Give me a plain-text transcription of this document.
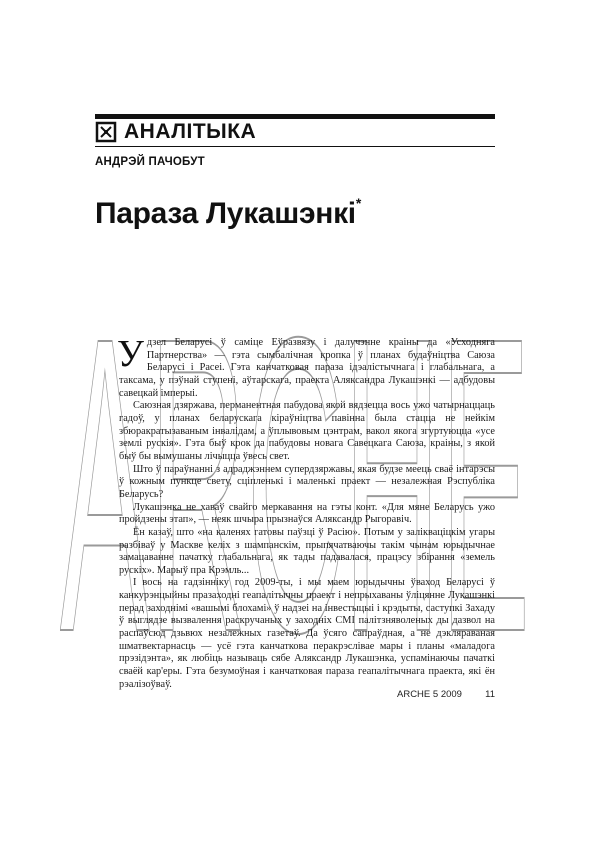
ARCHE
АНАЛІТЫКА
АНДРЭЙ ПАЧОБУТ
Параза Лукашэнкі*

Удзел Беларусі ў саміце Еўразвязу і далучэнне краіны да «Усходняга Партнерства» — гэта сымбалічная кропка ў планах будаўніцтва Саюза Беларусі і Расеі. Гэта канчатковая параза ідэалістычнага і глабальнага, а таксама, у пэўнай ступені, аўтарскага, праекта Аляксандра Лукашэнкі — адбудовы савецкай імперыі.

Саюзная дзяржава, перманентная пабудова якой вядзецца вось ужо чатырнаццаць гадоў, у планах беларускага кіраўніцтва павінна была стацца не нейкім збюракратызаваным інвалідам, а ўплывовым цэнтрам, вакол якога згуртуюцца «усе землі рускія». Гэта быў крок да пабудовы новага Савецкага Саюза, краіны, з якой быў бы вымушаны лічыцца ўвесь свет.

Што ў параўнанні з адраджэннем супердзяржавы, якая будзе меець сваё інтарэсы ў кожным пункце свету, сціпленькі і маленькі праект — незалежная Рэспубліка Беларусь?

Лукашэнка не хаваў свайго меркавання на гэты конт. «Для мяне Беларусь ужо пройдзены этап», — неяк шчыра прызнаўся Аляксандр Рыгоравіч.

Ён казаў, што «на каленях гатовы паўзці ў Расію». Потым у залікваціцкім угары разбіваў у Маскве келіх з шампанскім, прыпячатваючы такім чынам юрыдычнае замацаванне пачатку глабальнага, як тады падавалася, працэсу збірання «земель рускіх». Марыў пра Крэмль...

І вось на гадзінніку год 2009-ты, і мы маем юрыдычны ўваход Беларусі ў канкурэнцыйны празаходні геапалітычны праект і непрыхаваны ўліцянне Лукашэнкі перад заходнімі «вашымі блохамі» ў надзеі на інвестыцыі і крэдыты, саступкі Захаду ў выглядзе вызвалення раскручаных у заходніх СМІ палітзняволеных ды дазвол на распаўсюд дзьвюх незалежных газетаў. Да ўсяго сапраўдная, а не дэкляраваная шматвектарнасць — усё гэта канчаткова перакрэсліваe мары і планы «маладога прэзідэнта», як любіць называць сябе Аляксандр Лукашэнка, успамінаючы пачаткі сваёй кар'еры. Гэта безумоўная і канчатковая параза геапалітычнага праекта, які ён рэалізоўваў.

ARCHE 5 2009 11
